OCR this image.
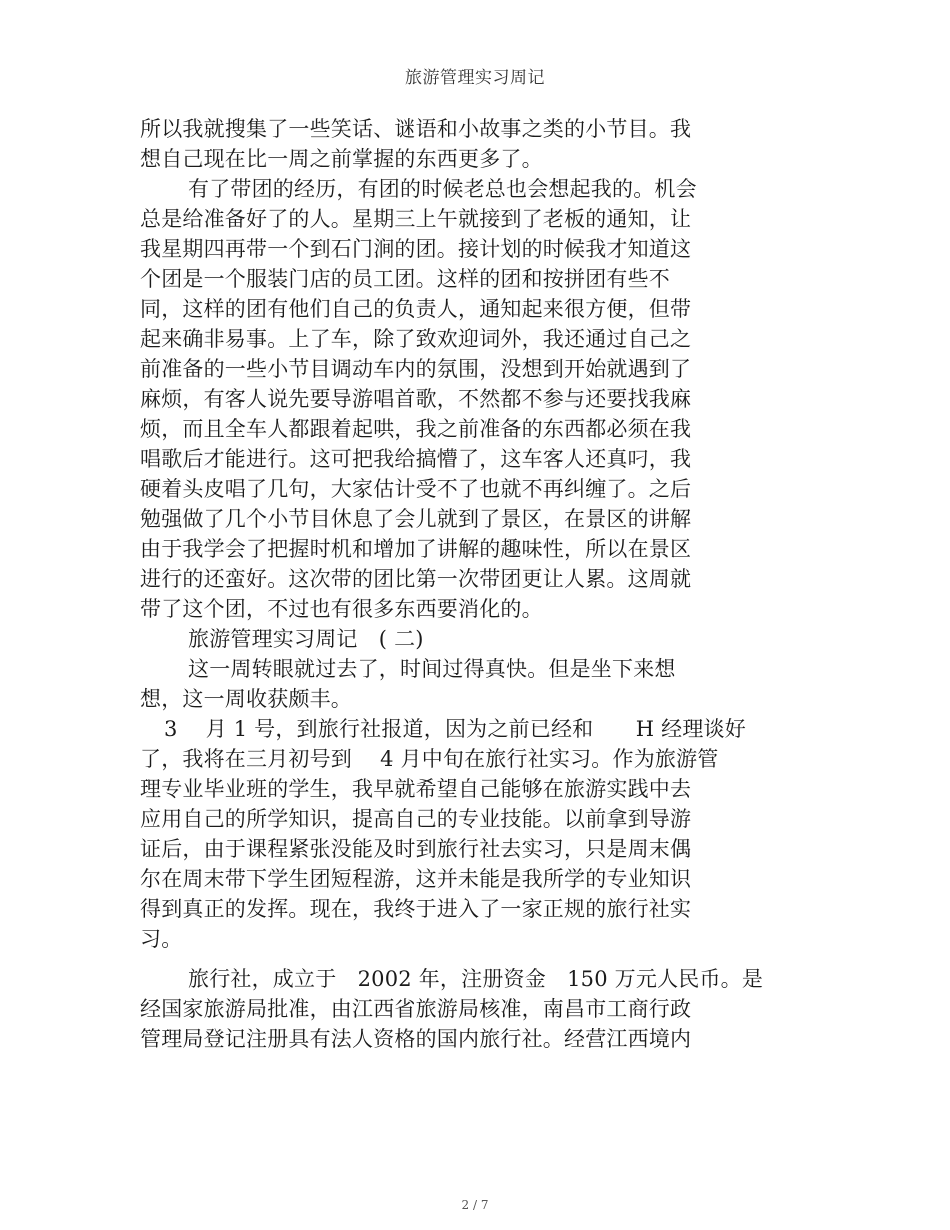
旅游管理实习周记
所以我就搜集了一些笑话、谜语和小故事之类的小节目。我
想自己现在比一周之前掌握的东西更多了。
有了带团的经历，有团的时候老总也会想起我的。机会
总是给准备好了的人。星期三上午就接到了老板的通知，让
我星期四再带一个到石门涧的团。接计划的时候我才知道这
个团是一个服装门店的员工团。这样的团和按拼团有些不
同，这样的团有他们自己的负责人，通知起来很方便，但带
起来确非易事。上了车，除了致欢迎词外，我还通过自己之
前准备的一些小节目调动车内的氛围，没想到开始就遇到了
麻烦，有客人说先要导游唱首歌，不然都不参与还要找我麻
烦，而且全车人都跟着起哄，我之前准备的东西都必须在我
唱歌后才能进行。这可把我给搞懵了，这车客人还真叼，我
硬着头皮唱了几句，大家估计受不了也就不再纠缠了。之后
勉强做了几个小节目休息了会儿就到了景区，在景区的讲解
由于我学会了把握时机和增加了讲解的趣味性，所以在景区
进行的还蛮好。这次带的团比第一次带团更让人累。这周就
带了这个团，不过也有很多东西要消化的。
旅游管理实习周记　( 二)
这一周转眼就过去了，时间过得真快。但是坐下来想
想，这一周收获颇丰。
3　 月 1 号，到旅行社报道，因为之前已经和　　H 经理谈好
了，我将在三月初号到　 4 月中旬在旅行社实习。作为旅游管
理专业毕业班的学生，我早就希望自己能够在旅游实践中去
应用自己的所学知识，提高自己的专业技能。以前拿到导游
证后，由于课程紧张没能及时到旅行社去实习，只是周末偶
尔在周末带下学生团短程游，这并未能是我所学的专业知识
得到真正的发挥。现在，我终于进入了一家正规的旅行社实
习。
旅行社，成立于　2002 年，注册资金　150 万元人民币。是
经国家旅游局批准，由江西省旅游局核准，南昌市工商行政
管理局登记注册具有法人资格的国内旅行社。经营江西境内
2 / 7
